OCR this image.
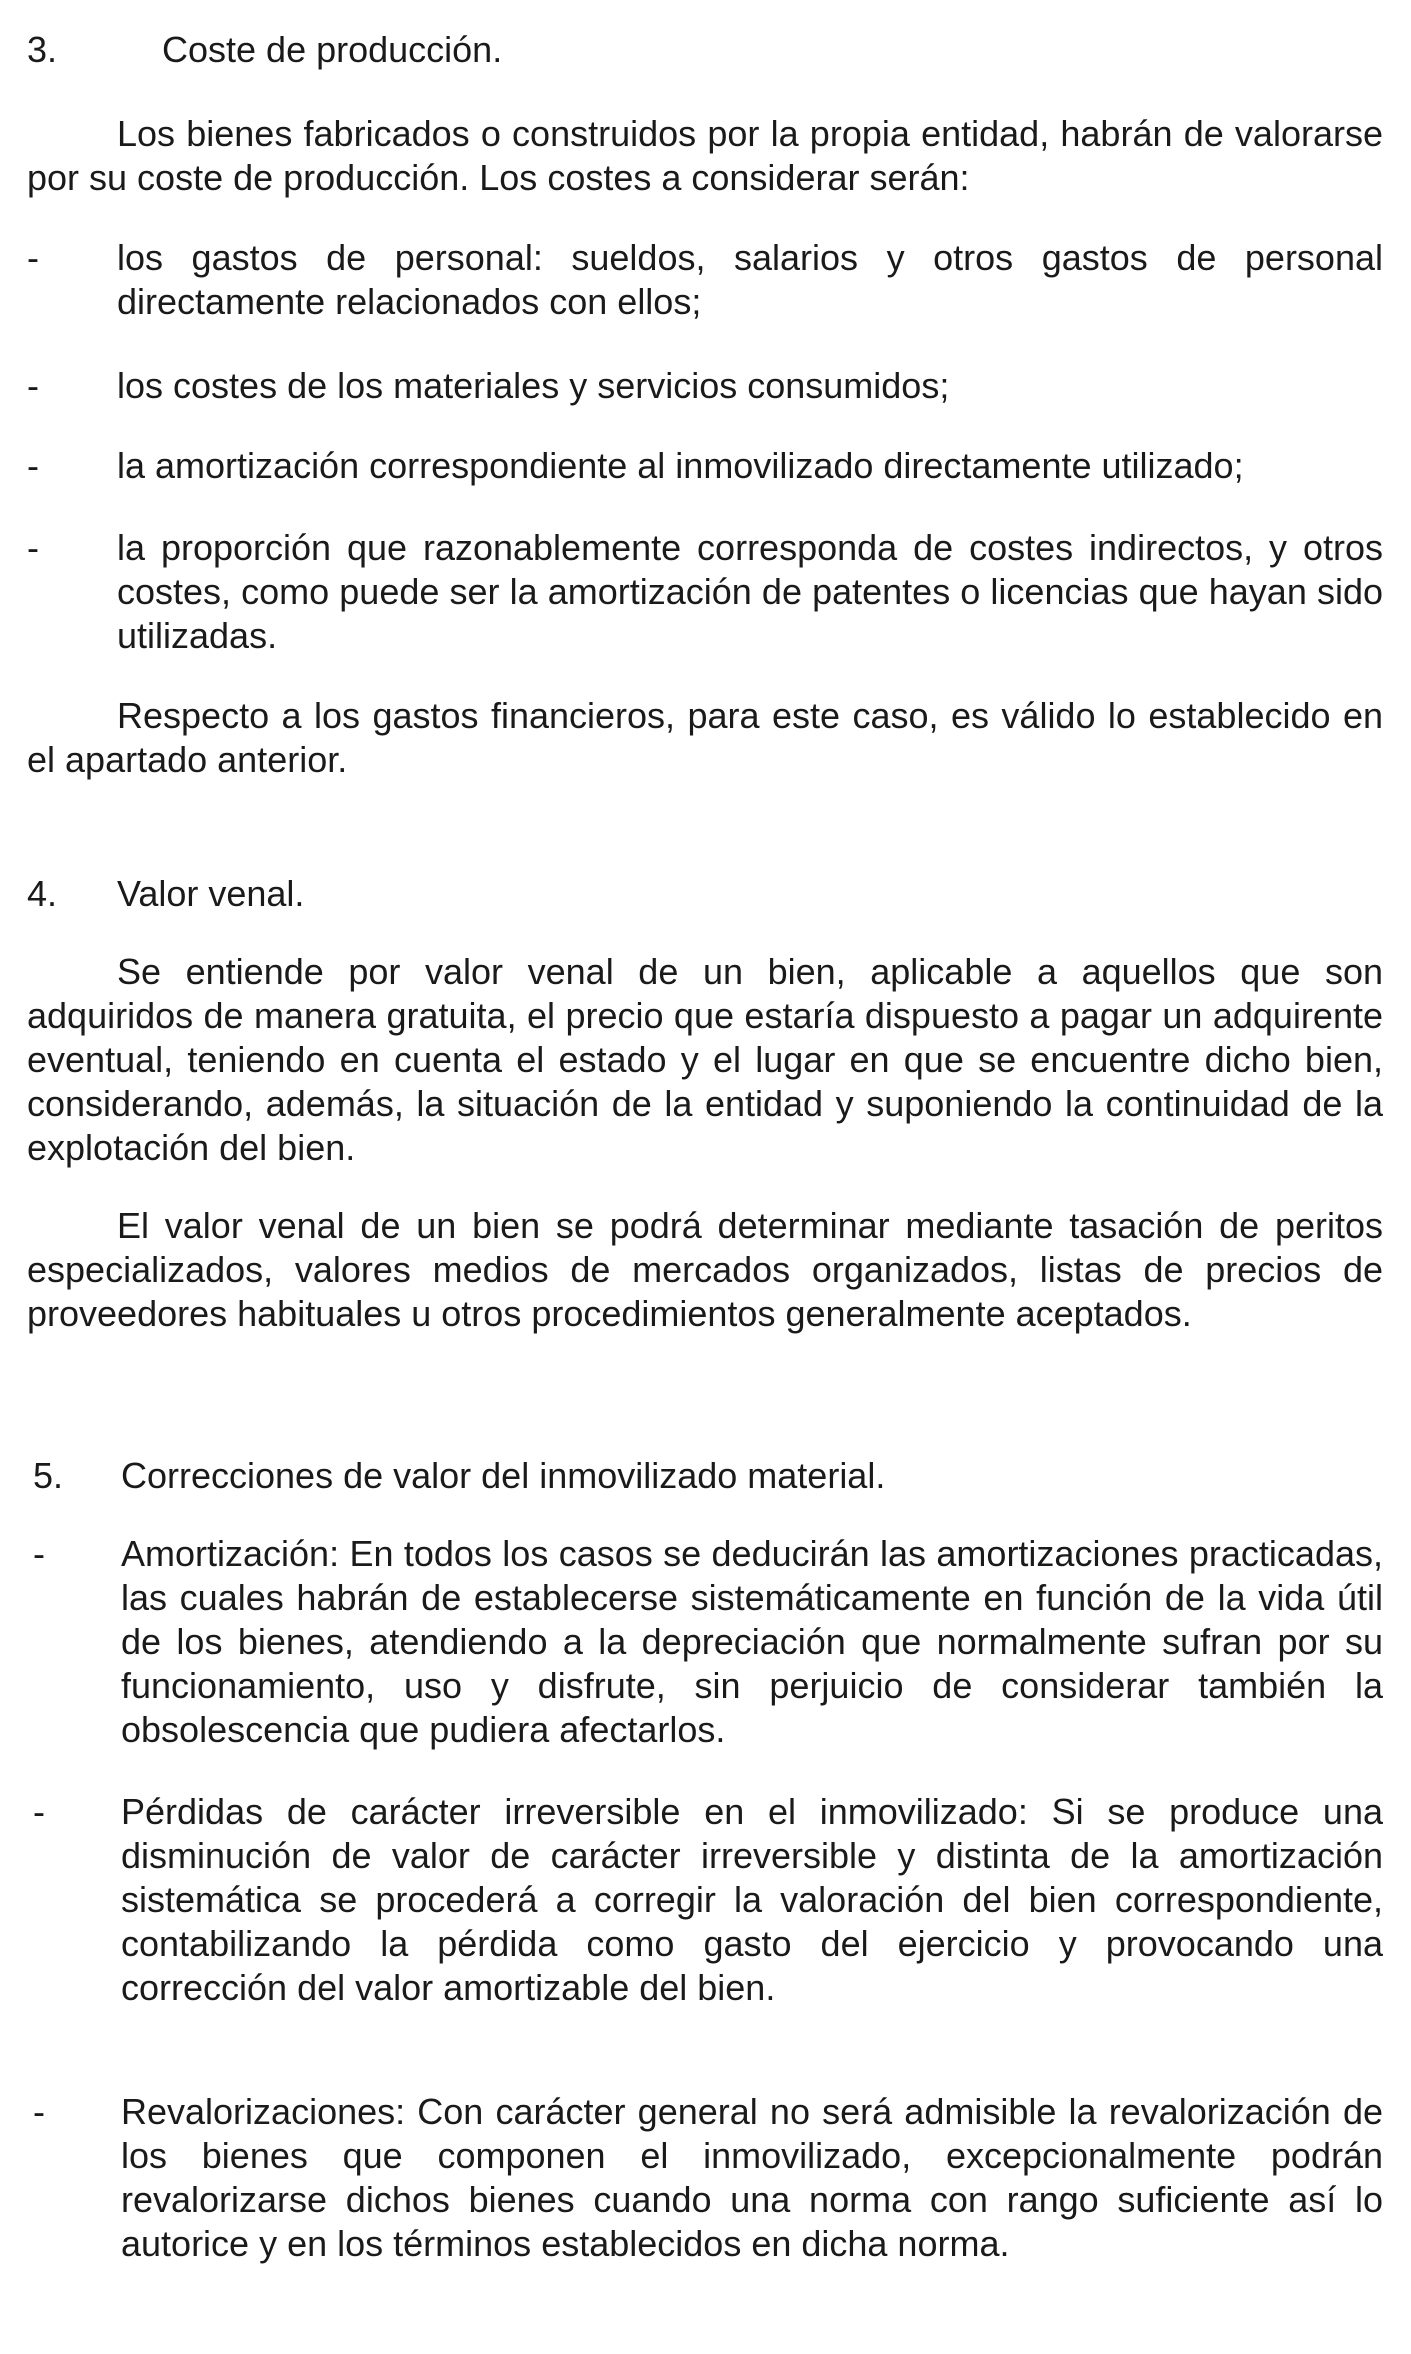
3.	Coste de producción.
Los bienes fabricados o construidos por la propia entidad, habrán de valorarse por su coste de producción. Los costes a considerar serán:
- los gastos de personal: sueldos, salarios y otros gastos de personal directamente relacionados con ellos;
- los costes de los materiales y servicios consumidos;
- la amortización correspondiente al inmovilizado directamente utilizado;
- la proporción que razonablemente corresponda de costes indirectos, y otros costes, como puede ser la amortización de patentes o licencias que hayan sido utilizadas.
Respecto a los gastos financieros, para este caso, es válido lo establecido en el apartado anterior.
4. Valor venal.
Se entiende por valor venal de un bien, aplicable a aquellos que son adquiridos de manera gratuita, el precio que estaría dispuesto a pagar un adquirente eventual, teniendo en cuenta el estado y el lugar en que se encuentre dicho bien, considerando, además, la situación de la entidad y suponiendo la continuidad de la explotación del bien.
El valor venal de un bien se podrá determinar mediante tasación de peritos especializados, valores medios de mercados organizados, listas de precios de proveedores habituales u otros procedimientos generalmente aceptados.
5. Correcciones de valor del inmovilizado material.
- Amortización: En todos los casos se deducirán las amortizaciones practicadas, las cuales habrán de establecerse sistemáticamente en función de la vida útil de los bienes, atendiendo a la depreciación que normalmente sufran por su funcionamiento, uso y disfrute, sin perjuicio de considerar también la obsolescencia que pudiera afectarlos.
- Pérdidas de carácter irreversible en el inmovilizado: Si se produce una disminución de valor de carácter irreversible y distinta de la amortización sistemática se procederá a corregir la valoración del bien correspondiente, contabilizando la pérdida como gasto del ejercicio y provocando una corrección del valor amortizable del bien.
- Revalorizaciones: Con carácter general no será admisible la revalorización de los bienes que componen el inmovilizado, excepcionalmente podrán revalorizarse dichos bienes cuando una norma con rango suficiente así lo autorice y en los términos establecidos en dicha norma.
